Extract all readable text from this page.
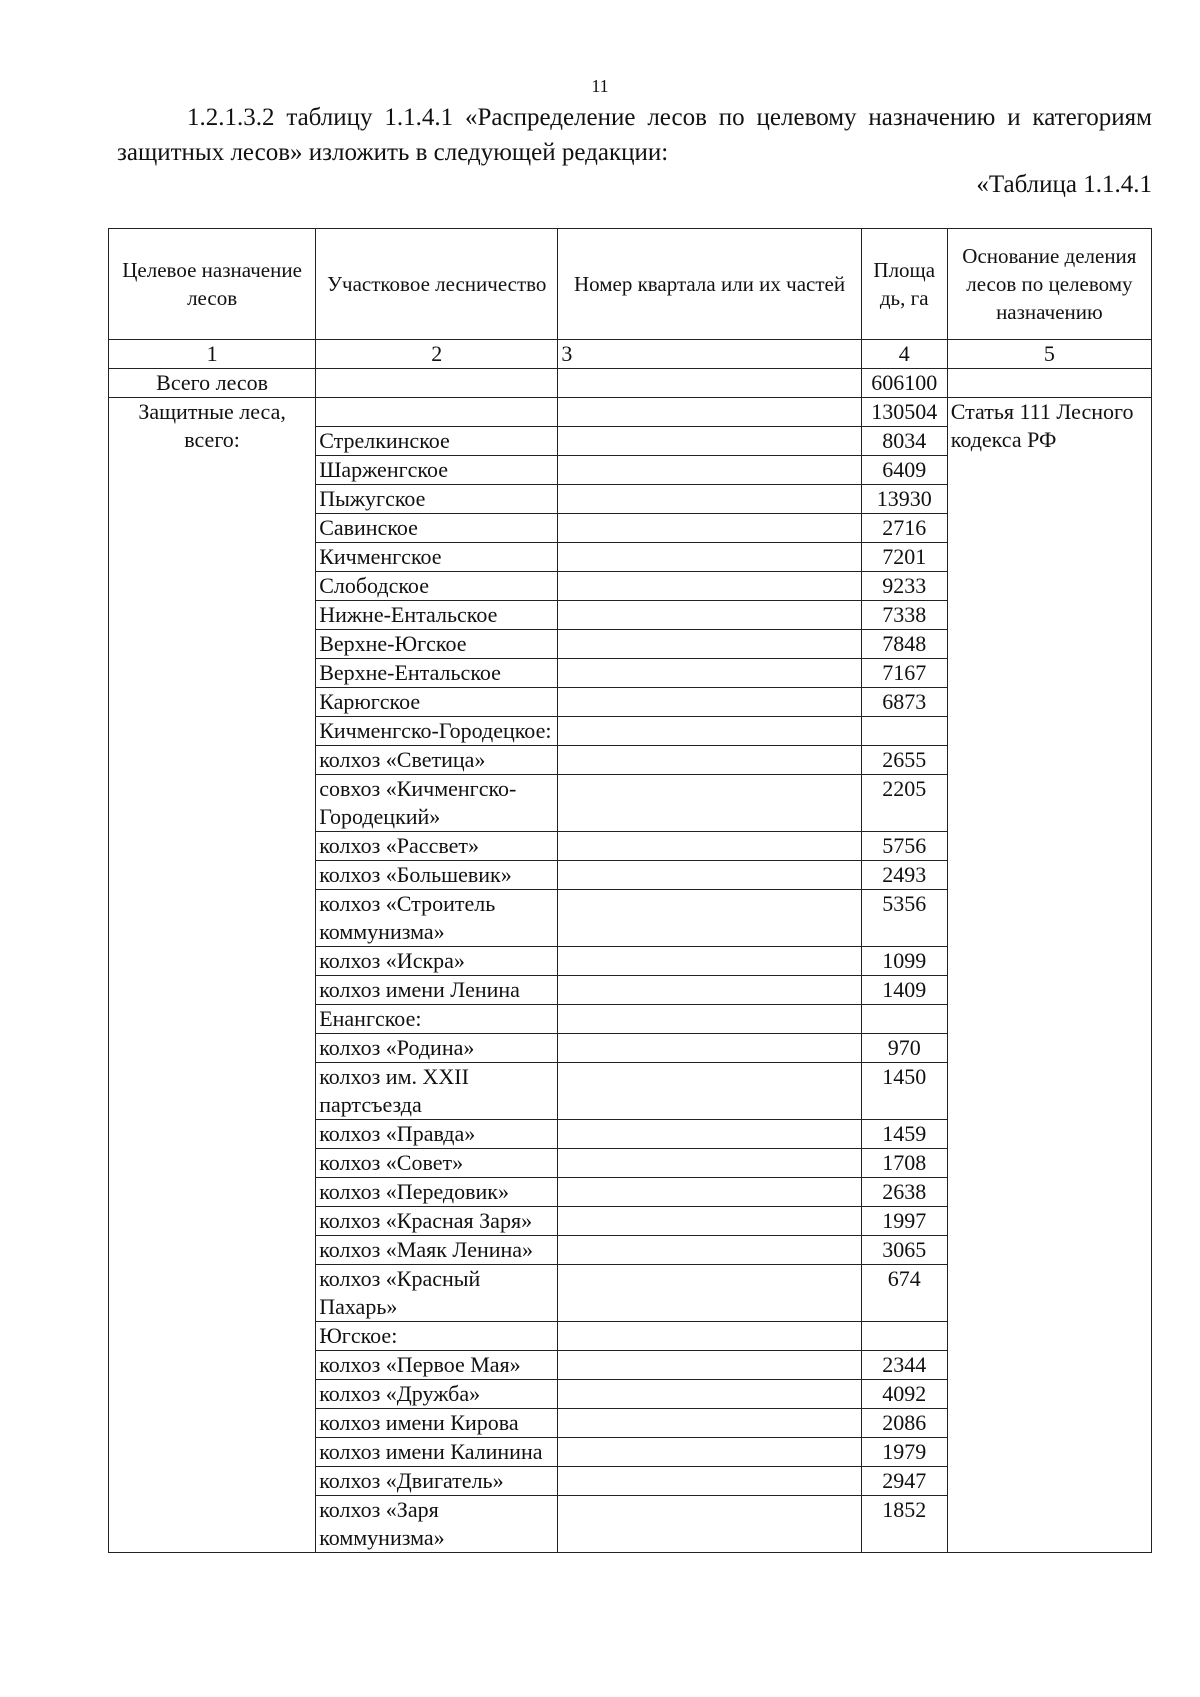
11
1.2.1.3.2 таблицу 1.1.4.1 «Распределение лесов по целевому назначению и категориям защитных лесов» изложить в следующей редакции:
«Таблица 1.1.4.1
Целевое назначение лесов	Участковое лесничество	Номер квартала или их частей	Площа дь, га	Основание деления лесов по целевому назначению
1	2	3	4	5
Всего лесов			606100	
Защитные леса, всего:			130504	Статья 111 Лесного кодекса РФ
	Стрелкинское		8034	
	Шарженгское		6409	
	Пыжугское		13930	
	Савинское		2716	
	Кичменгское		7201	
	Слободское		9233	
	Нижне-Ентальское		7338	
	Верхне-Югское		7848	
	Верхне-Ентальское		7167	
	Карюгское		6873	
	Кичменгско-Городецкое:			
	колхоз «Светица»		2655	
	совхоз «Кичменгско-Городецкий»		2205	
	колхоз «Рассвет»		5756	
	колхоз «Большевик»		2493	
	колхоз «Строитель коммунизма»		5356	
	колхоз «Искра»		1099	
	колхоз имени Ленина		1409	
	Енангское:			
	колхоз «Родина»		970	
	колхоз им. XXII партсъезда		1450	
	колхоз «Правда»		1459	
	колхоз «Совет»		1708	
	колхоз «Передовик»		2638	
	колхоз «Красная Заря»		1997	
	колхоз «Маяк Ленина»		3065	
	колхоз «Красный Пахарь»		674	
	Югское:			
	колхоз «Первое Мая»		2344	
	колхоз «Дружба»		4092	
	колхоз имени Кирова		2086	
	колхоз имени Калинина		1979	
	колхоз «Двигатель»		2947	
	колхоз «Заря коммунизма»		1852	
